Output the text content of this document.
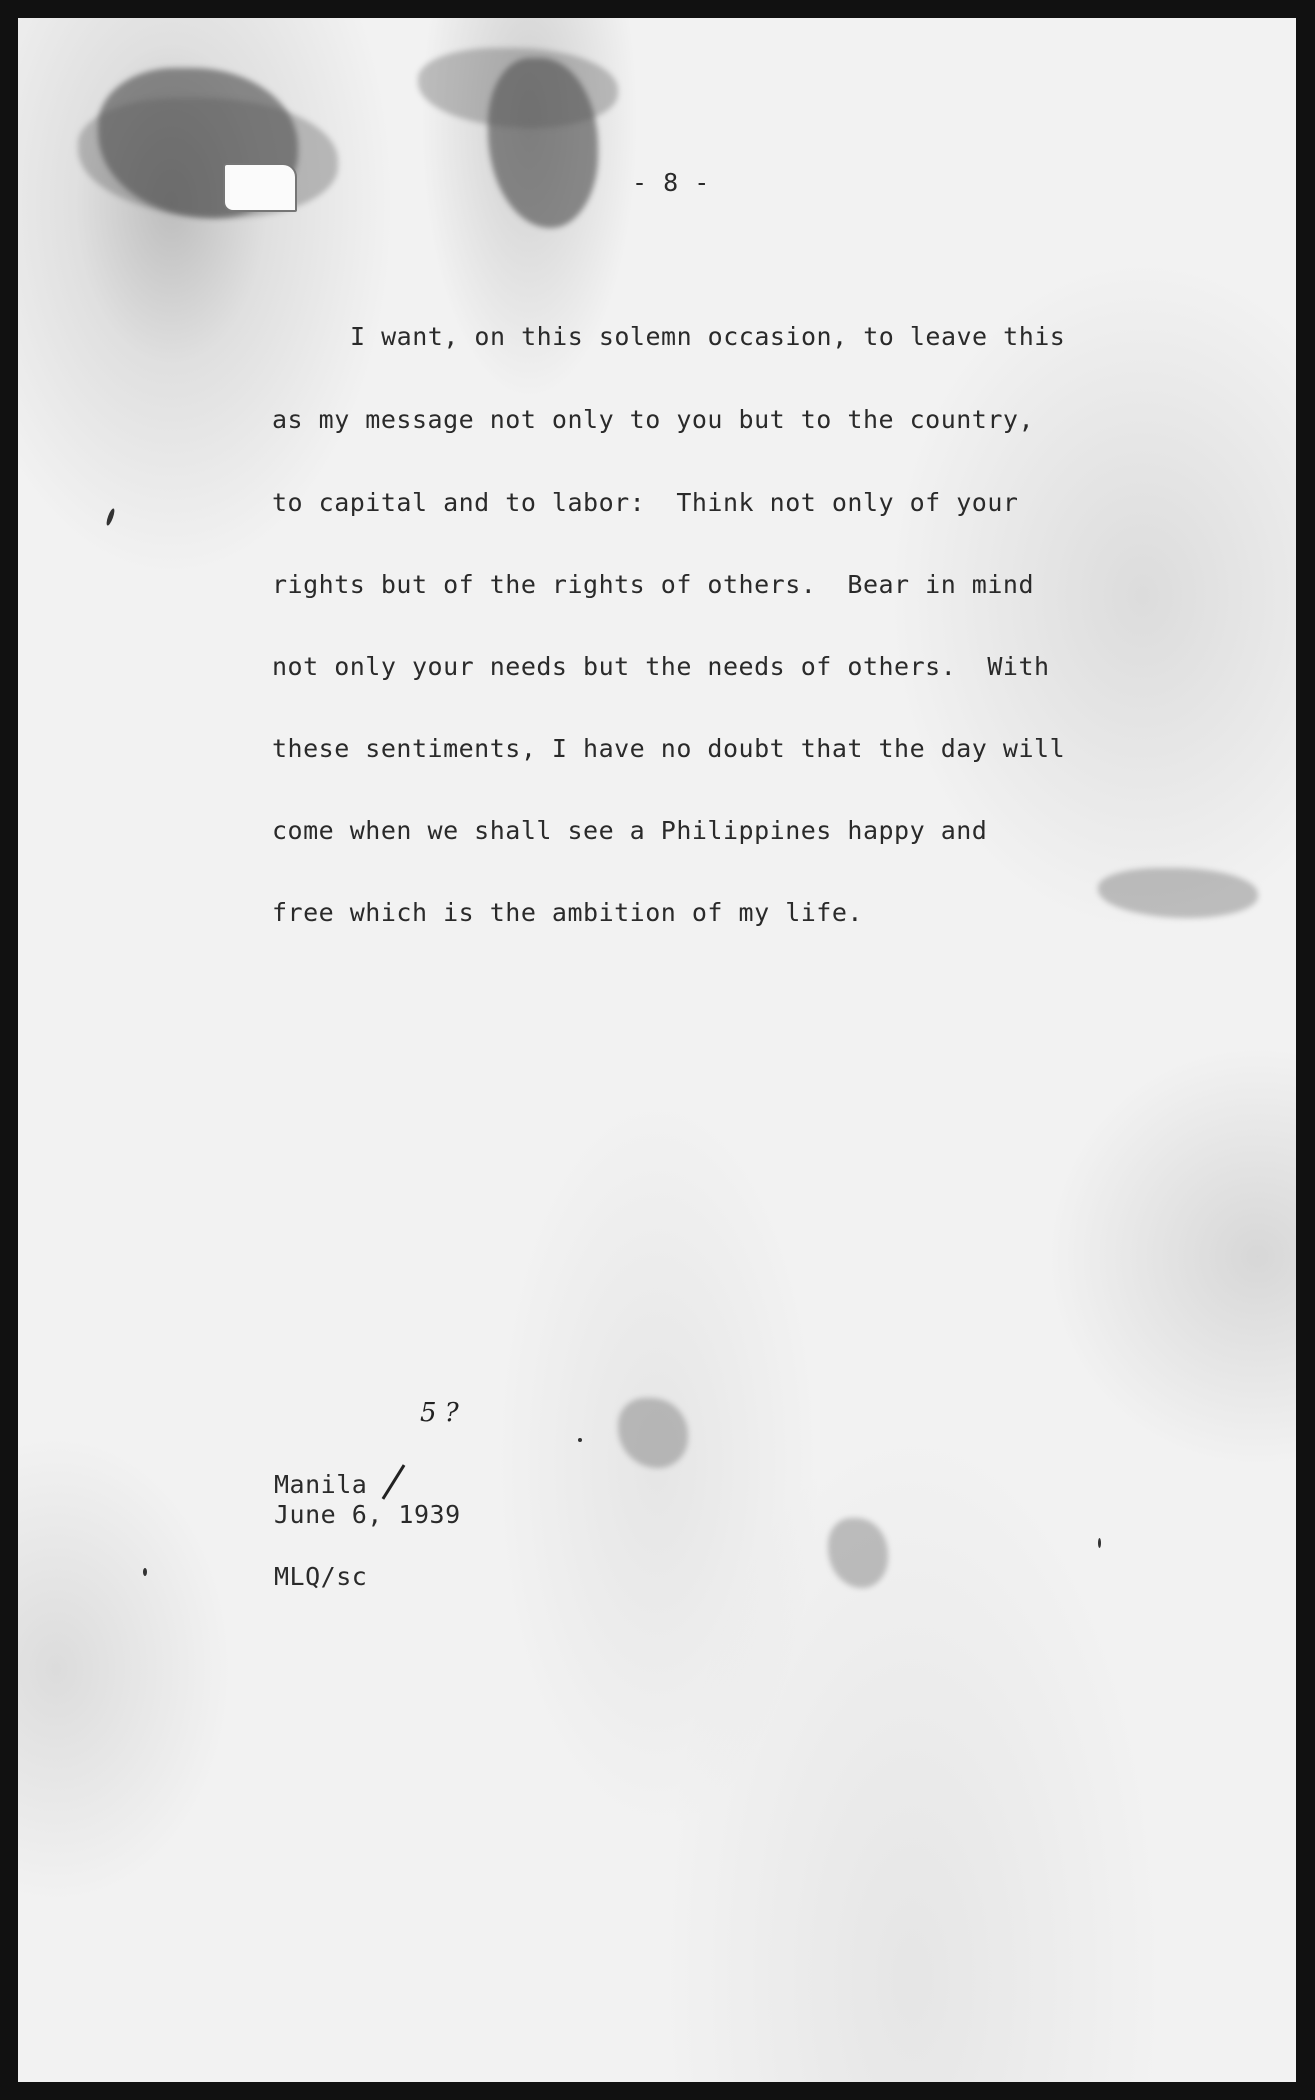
- 8 -
I want, on this solemn occasion, to leave this
as my message not only to you but to the country,
to capital and to labor:  Think not only of your
rights but of the rights of others.  Bear in mind
not only your needs but the needs of others.  With
these sentiments, I have no doubt that the day will
come when we shall see a Philippines happy and
free which is the ambition of my life.
5 ?
Manila
June 6, 1939
MLQ/sc
